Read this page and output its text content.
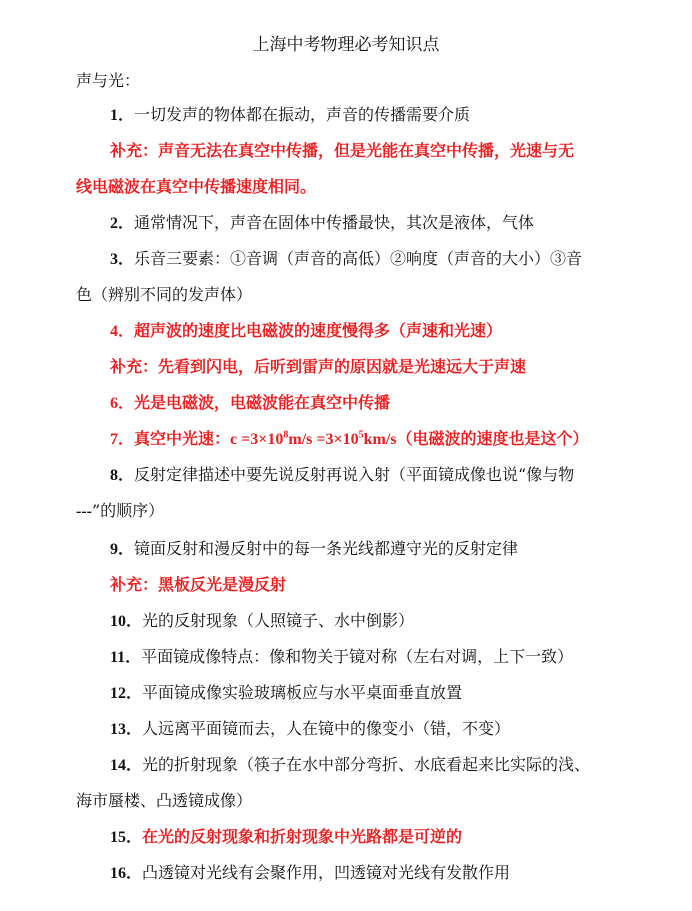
上海中考物理必考知识点
声与光：
1．一切发声的物体都在振动，声音的传播需要介质
补充：声音无法在真空中传播，但是光能在真空中传播，光速与无
线电磁波在真空中传播速度相同。
2．通常情况下，声音在固体中传播最快，其次是液体，气体
3．乐音三要素：①音调（声音的高低）②响度（声音的大小）③音
色（辨别不同的发声体）
4．超声波的速度比电磁波的速度慢得多（声速和光速）
补充：先看到闪电，后听到雷声的原因就是光速远大于声速
6．光是电磁波，电磁波能在真空中传播
7．真空中光速：$c =3\times 10^8m/s =3\times 10^5km/s$（电磁波的速度也是这个）
8．反射定律描述中要先说反射再说入射（平面镜成像也说“像与物
---”的顺序）
9．镜面反射和漫反射中的每一条光线都遵守光的反射定律
补充：黑板反光是漫反射
10．光的反射现象（人照镜子、水中倒影）
11．平面镜成像特点：像和物关于镜对称（左右对调，上下一致）
12．平面镜成像实验玻璃板应与水平桌面垂直放置
13．人远离平面镜而去，人在镜中的像变小（错，不变）
14．光的折射现象（筷子在水中部分弯折、水底看起来比实际的浅、
海市蜃楼、凸透镜成像）
15．在光的反射现象和折射现象中光路都是可逆的
16．凸透镜对光线有会聚作用，凹透镜对光线有发散作用
